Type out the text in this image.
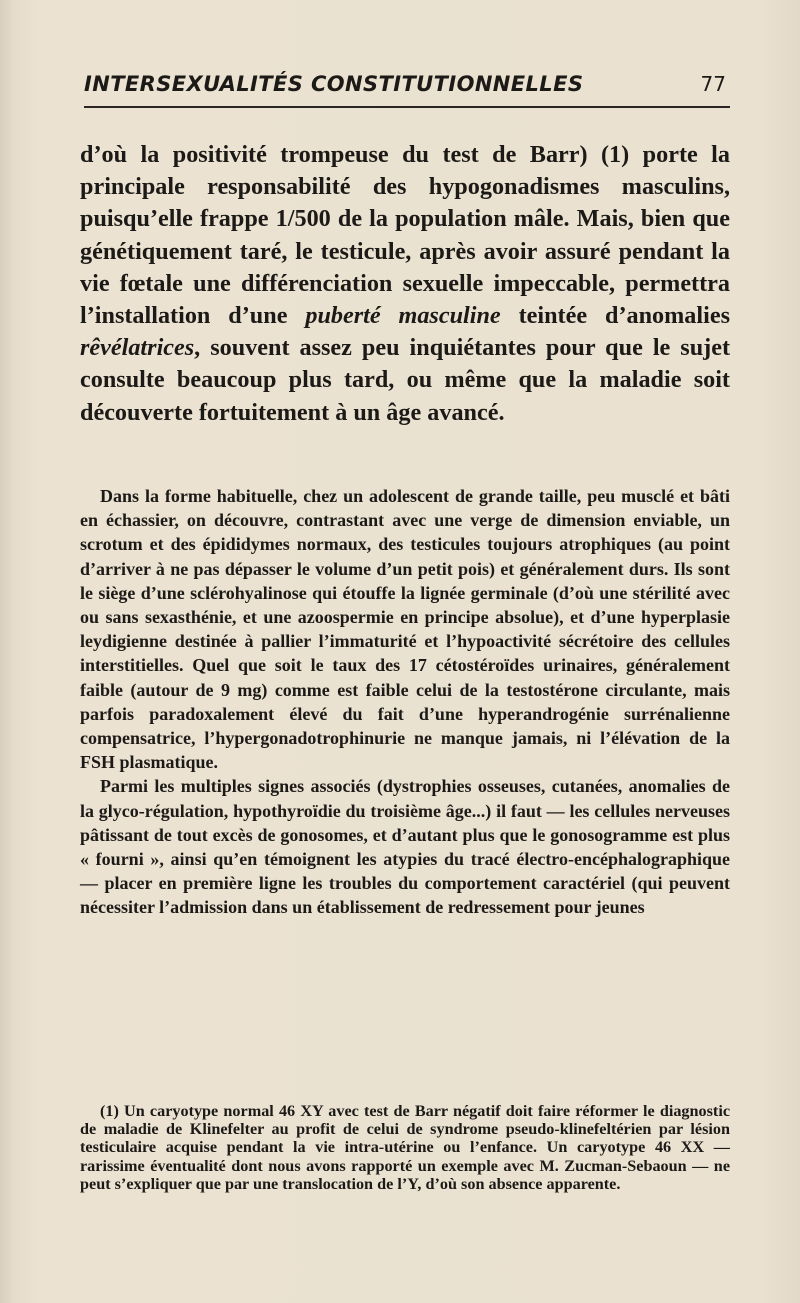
INTERSEXUALITÉS CONSTITUTIONNELLES	77

d’où la positivité trompeuse du test de Barr) (1) porte la principale responsabilité des hypogonadismes masculins, puisqu’elle frappe 1/500 de la population mâle. Mais, bien que génétiquement taré, le testicule, après avoir assuré pendant la vie fœtale une différenciation sexuelle impeccable, permettra l’installation d’une puberté masculine teintée d’anomalies rêvélatrices, souvent assez peu inquiétantes pour que le sujet consulte beaucoup plus tard, ou même que la maladie soit découverte fortuitement à un âge avancé.

Dans la forme habituelle, chez un adolescent de grande taille, peu musclé et bâti en échassier, on découvre, contrastant avec une verge de dimension enviable, un scrotum et des épididymes normaux, des testicules toujours atrophiques (au point d’arriver à ne pas dépasser le volume d’un petit pois) et généralement durs. Ils sont le siège d’une sclérohyalinose qui étouffe la lignée germinale (d’où une stérilité avec ou sans sexasthénie, et une azoospermie en principe absolue), et d’une hyperplasie leydigienne destinée à pallier l’immaturité et l’hypoactivité sécrétoire des cellules interstitielles. Quel que soit le taux des 17 cétostéroïdes urinaires, généralement faible (autour de 9 mg) comme est faible celui de la testostérone circulante, mais parfois paradoxalement élevé du fait d’une hyperandrogénie surrénalienne compensatrice, l’hypergonadotrophinurie ne manque jamais, ni l’élévation de la FSH plasmatique.

Parmi les multiples signes associés (dystrophies osseuses, cutanées, anomalies de la glyco-régulation, hypothyroïdie du troisième âge...) il faut — les cellules nerveuses pâtissant de tout excès de gonosomes, et d’autant plus que le gonosogramme est plus « fourni », ainsi qu’en témoignent les atypies du tracé électro-encéphalographique — placer en première ligne les troubles du comportement caractériel (qui peuvent nécessiter l’admission dans un établissement de redressement pour jeunes

(1) Un caryotype normal 46 XY avec test de Barr négatif doit faire réformer le diagnostic de maladie de Klinefelter au profit de celui de syndrome pseudo-klinefeltérien par lésion testiculaire acquise pendant la vie intra-utérine ou l’enfance. Un caryotype 46 XX — rarissime éventualité dont nous avons rapporté un exemple avec M. Zucman-Sebaoun — ne peut s’expliquer que par une translocation de l’Y, d’où son absence apparente.
